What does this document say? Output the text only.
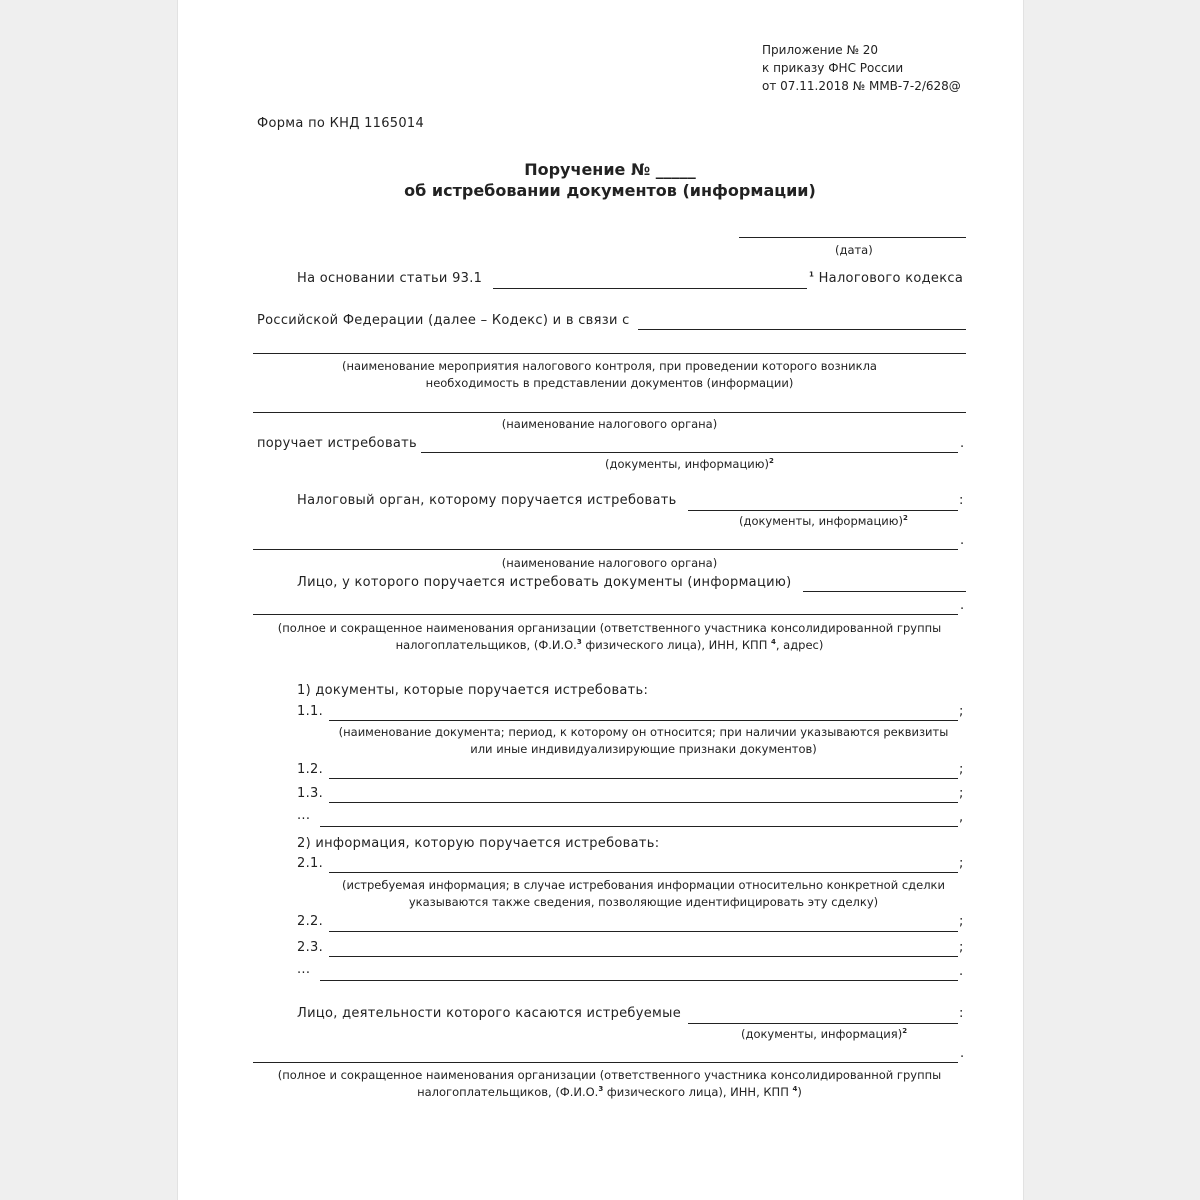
Приложение № 20
к приказу ФНС России
от 07.11.2018 № ММВ-7-2/628@
Форма по КНД 1165014
Поручение № _____
об истребовании документов (информации)
(дата)
На основании статьи 93.1	$^1$ Налогового кодекса
Российской Федерации (далее – Кодекс) и в связи с
(наименование мероприятия налогового контроля, при проведении которого возникла
необходимость в представлении документов (информации)
(наименование налогового органа)
поручает истребовать	.
(документы, информацию)$^2$
Налоговый орган, которому поручается истребовать	:
(документы, информацию)$^2$
.
(наименование налогового органа)
Лицо, у которого поручается истребовать документы (информацию)
.
(полное и сокращенное наименования организации (ответственного участника консолидированной группы
налогоплательщиков, (Ф.И.О.$^3$ физического лица), ИНН, КПП $^4$, адрес)
1) документы, которые поручается истребовать:
1.1.	;
(наименование документа; период, к которому он относится; при наличии указываются реквизиты
или иные индивидуализирующие признаки документов)
1.2.	;
1.3.	;
...	,
2) информация, которую поручается истребовать:
2.1.	;
(истребуемая информация; в случае истребования информации относительно конкретной сделки
указываются также сведения, позволяющие идентифицировать эту сделку)
2.2.	;
2.3.	;
...	.
Лицо, деятельности которого касаются истребуемые	:
(документы, информация)$^2$
.
(полное и сокращенное наименования организации (ответственного участника консолидированной группы
налогоплательщиков, (Ф.И.О.$^3$ физического лица), ИНН, КПП $^4$)
